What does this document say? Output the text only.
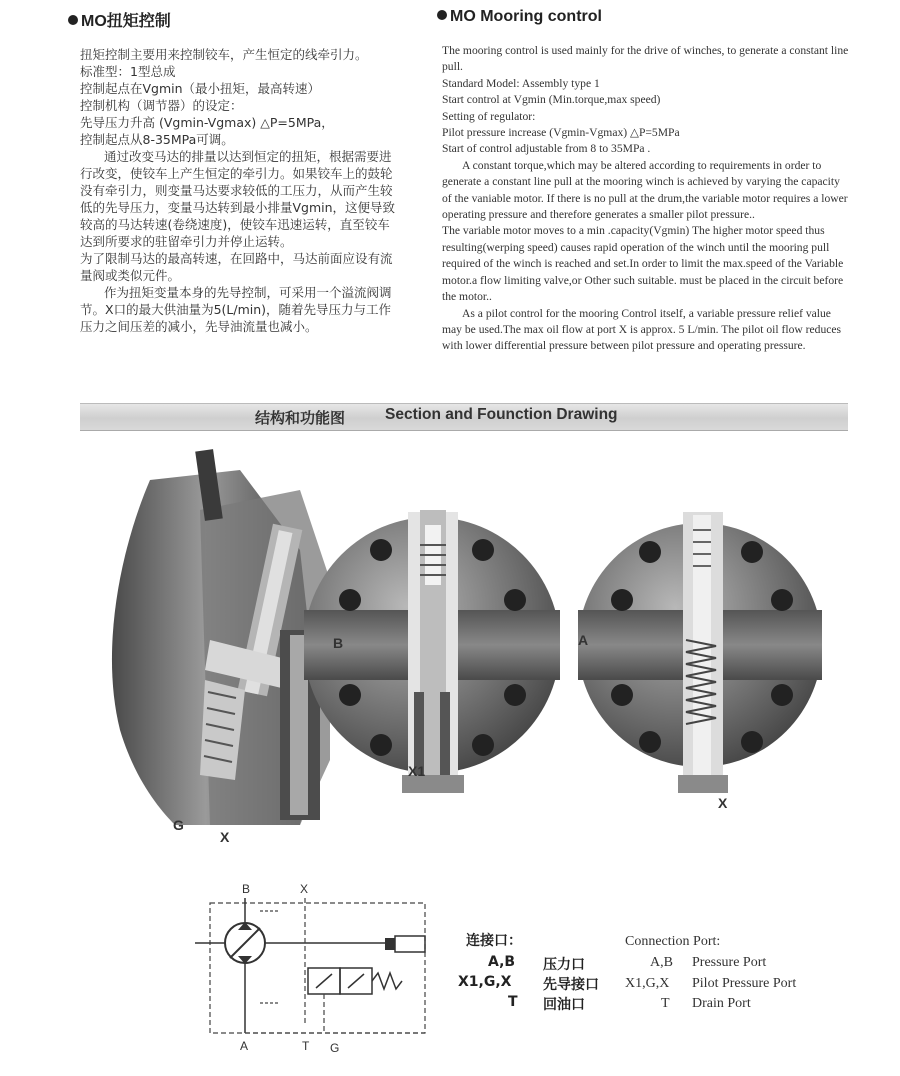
MO扭矩控制	MO Mooring control

扭矩控制主要用来控制铰车，产生恒定的线牵引力。

标准型：1型总成

控制起点在Vgmin（最小扭矩，最高转速）

控制机构（调节器）的设定：

先导压力升高 (Vgmin-Vgmax) △P=5MPa，

控制起点从8-35MPa可调。

通过改变马达的排量以达到恒定的扭矩，根据需要进行改变，使铰车上产生恒定的牵引力。如果铰车上的鼓轮没有牵引力，则变量马达要求较低的工压力，从而产生较低的先导压力，变量马达转到最小排量Vgmin，这便导致较高的马达转速(卷绕速度)，使铰车迅速运转，直至铰车达到所要求的驻留牵引力并停止运转。

为了限制马达的最高转速，在回路中，马达前面应设有流量阀或类似元件。

作为扭矩变量本身的先导控制，可采用一个溢流阀调节。X口的最大供油量为5(L/min)，随着先导压力与工作压力之间压差的减小，先导油流量也减小。

The mooring control is used mainly for the drive of winches, to generate a constant line pull.

Standard Model: Assembly type 1

Start control at Vgmin (Min.torque,max speed)

Setting of regulator:

Pilot pressure increase (Vgmin-Vgmax) △P=5MPa

Start of control adjustable from 8 to 35MPa .

A constant torque,which may be altered according to requirements in order to generate a constant line pull at the mooring winch is achieved by varying the capacity of the vaniable motor. If there is no pull at the drum,the variable motor requires a lower operating pressure and therefore generates a smaller pilot pressure..

The variable motor moves to a min .capacity(Vgmin) The higher motor speed thus resulting(werping speed) causes rapid operation of the winch until the mooring pull required of the winch is reached and set.In order to limit the max.speed of the Variable motor.a flow limiting valve,or Other such suitable. must be placed in the circuit before the motor..

As a pilot control for the mooring Control itself, a variable pressure relief value may be used.The max oil flow at port X is approx. 5 L/min. The pilot oil flow reduces with lower differential pressure between pilot pressure and operating pressure.

结构和功能图	Section and Founction Drawing
B	A
X1
X
G
X
B	X
A	T G
连接口：
A,B 压力口
X1,G,X 先导接口
T 回油口
Connection Port:
A,B Pressure Port
X1,G,X Pilot Pressure Port
T Drain Port
